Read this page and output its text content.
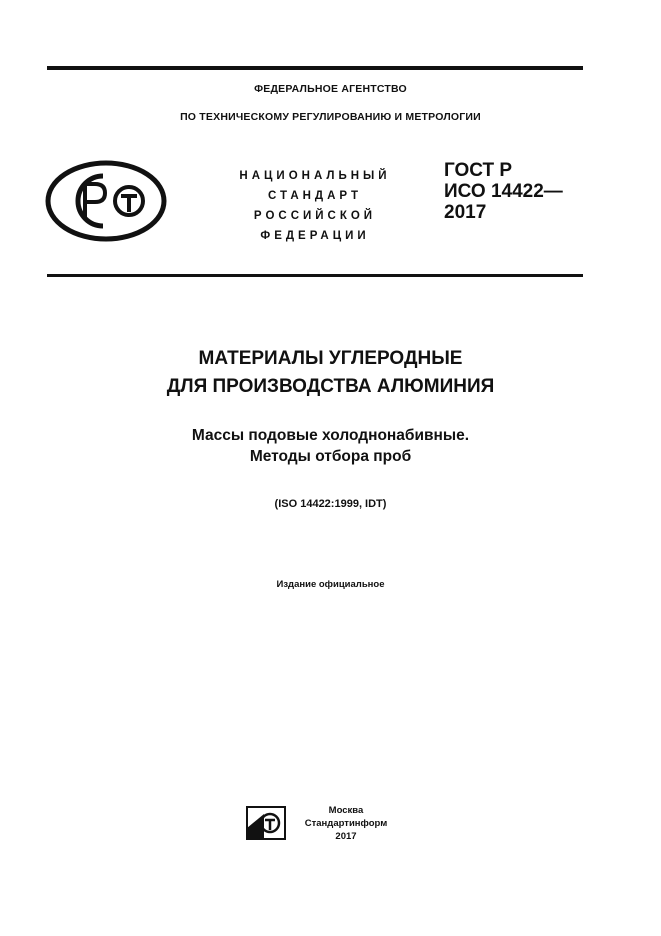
ФЕДЕРАЛЬНОЕ АГЕНТСТВО
ПО ТЕХНИЧЕСКОМУ РЕГУЛИРОВАНИЮ И МЕТРОЛОГИИ
НАЦИОНАЛЬНЫЙ
СТАНДАРТ
РОССИЙСКОЙ
ФЕДЕРАЦИИ
ГОСТ Р
ИСО 14422—
2017
МАТЕРИАЛЫ УГЛЕРОДНЫЕ
ДЛЯ ПРОИЗВОДСТВА АЛЮМИНИЯ
Массы подовые холоднонабивные.
Методы отбора проб
(ISO 14422:1999, IDT)
Издание официальное
Москва
Стандартинформ
2017
